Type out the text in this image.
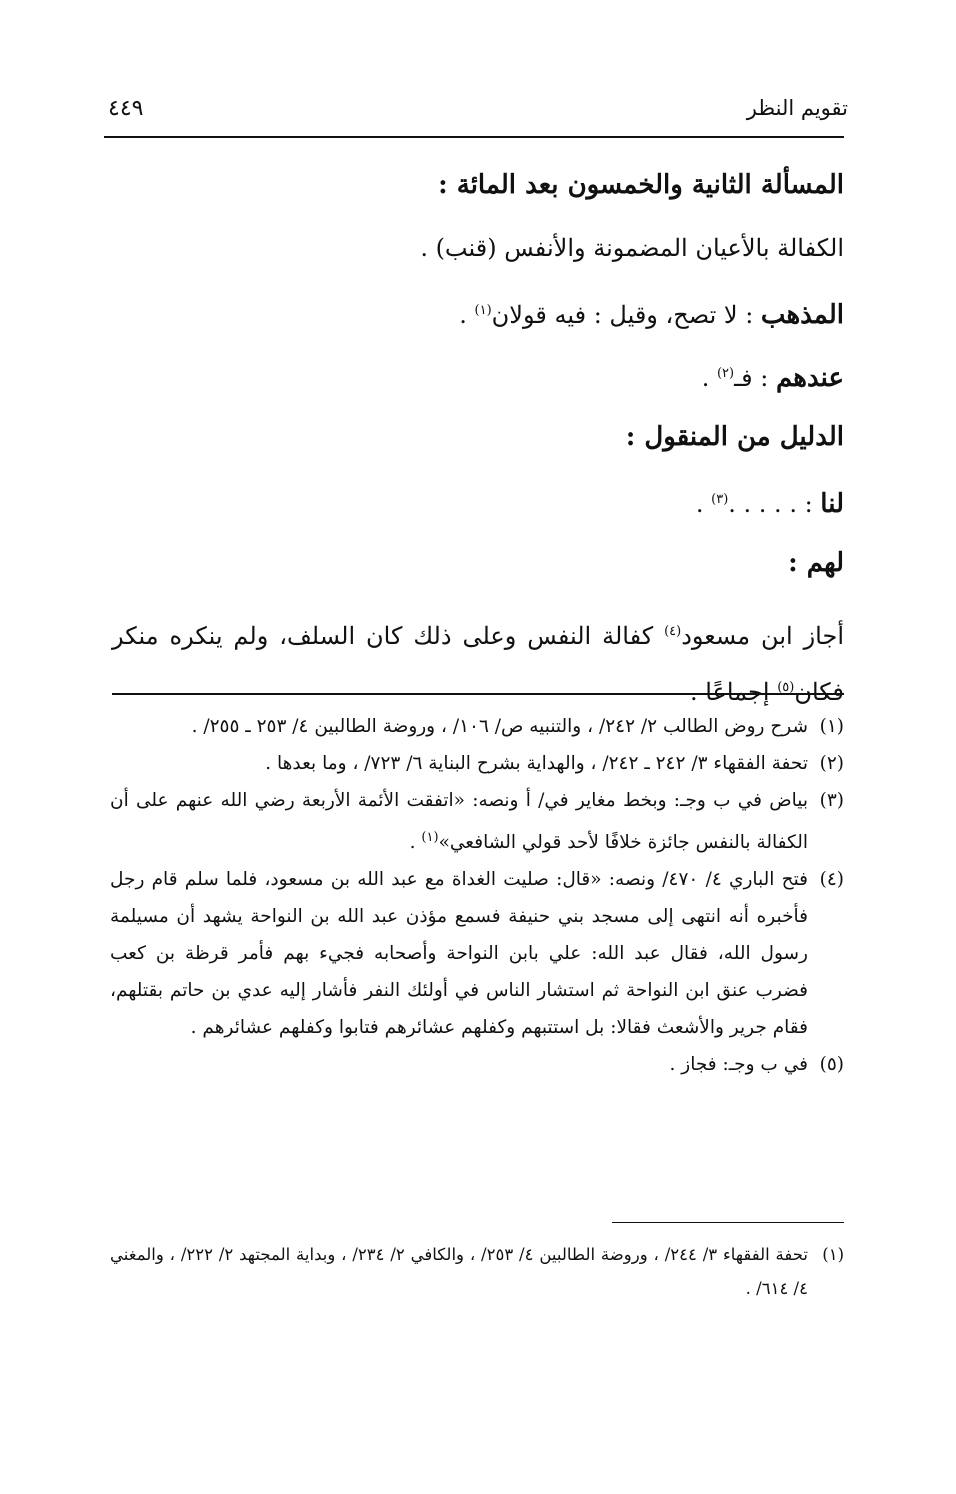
تقويم النظر
٤٤٩
المسألة الثانية والخمسون بعد المائة :
الكفالة بالأعيان المضمونة والأنفس (قنب) .
المذهب : لا تصح، وقيل : فيه قولان$^{(١)}$ .
عندهم : فـ$^{(٢)}$ .
الدليل من المنقول :
لنا : . . . . .$^{(٣)}$ .
لهم :
أجاز ابن مسعود$^{(٤)}$ كفالة النفس وعلى ذلك كان السلف، ولم ينكره منكر فكان$^{(٥)}$ إجماعًا .
(١)
شرح روض الطالب ٢/ ٢٤٢/ ، والتنبيه ص/ ١٠٦/ ، وروضة الطالبين ٤/ ٢٥٣ ـ ٢٥٥/ .
(٢)
تحفة الفقهاء ٣/ ٢٤٢ ـ ٢٤٢/ ، والهداية بشرح البناية ٦/ ٧٢٣/ ، وما بعدها .
(٣)
بياض في ب وجـ: وبخط مغاير في/ أ ونصه: «اتفقت الأئمة الأربعة رضي الله عنهم على أن الكفالة بالنفس جائزة خلافًا لأحد قولي الشافعي»$^{(١)}$ .
(٤)
فتح الباري ٤/ ٤٧٠/ ونصه: «قال: صليت الغداة مع عبد الله بن مسعود، فلما سلم قام رجل فأخبره أنه انتهى إلى مسجد بني حنيفة فسمع مؤذن عبد الله بن النواحة يشهد أن مسيلمة رسول الله، فقال عبد الله: علي بابن النواحة وأصحابه فجيء بهم فأمر قرظة بن كعب فضرب عنق ابن النواحة ثم استشار الناس في أولئك النفر فأشار إليه عدي بن حاتم بقتلهم، فقام جرير والأشعث فقالا: بل استتبهم وكفلهم عشائرهم فتابوا وكفلهم عشائرهم .
(٥)
في ب وجـ: فجاز .
(١)
تحفة الفقهاء ٣/ ٢٤٤/ ، وروضة الطالبين ٤/ ٢٥٣/ ، والكافي ٢/ ٢٣٤/ ، وبداية المجتهد ٢/ ٢٢٢/ ، والمغني ٤/ ٦١٤/ .
